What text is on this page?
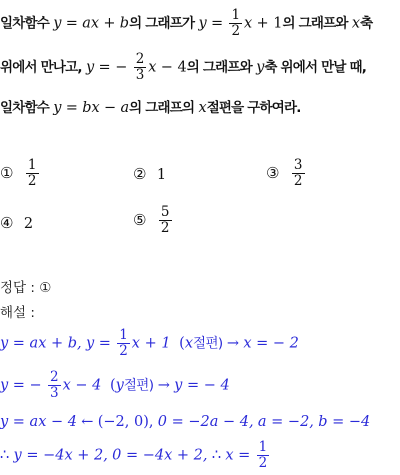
일차함수 y = ax + b의 그래프가 $y = \frac{1}{2}$ x + 1의 그래프와 x축
위에서 만나고, y = − $\frac{2}{3}$ x − 4의 그래프와 y축 위에서 만날 때,
일차함수 y = bx − a의 그래프의 x절편을 구하여라.
① $\frac{1}{2}$	② 1	③ $\frac{3}{2}$
④ 2	⑤ $\frac{5}{2}$
정답 : ①
해설 :
y = ax + b, $y = \frac{1}{2}$ x + 1 (x절편) → x = − 2
y = − $\frac{2}{3}$ x − 4 (y절편) → y = − 4
y = ax − 4 ← (−2, 0), 0 = −2a − 4, a = −2, b = −4
∴ y = −4x + 2, 0 = −4x + 2, ∴ $x = \frac{1}{2}$
